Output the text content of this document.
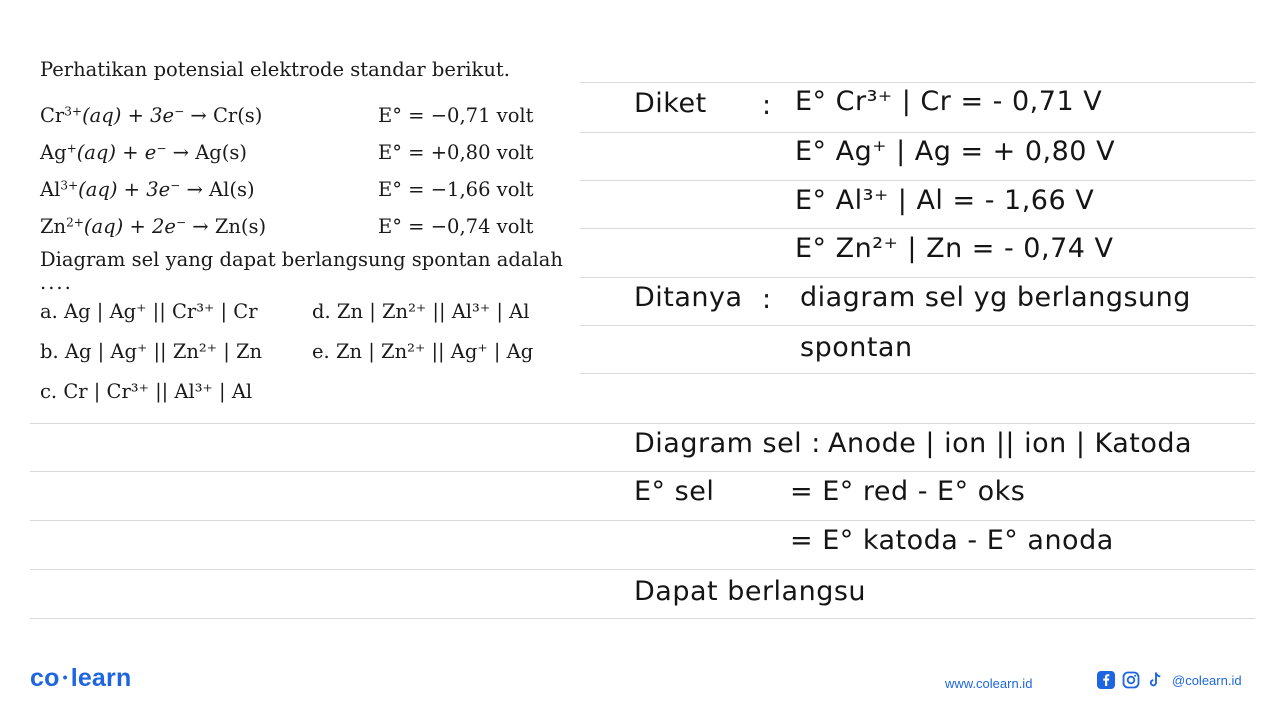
Perhatikan potensial elektrode standar berikut.

$Cr^{3+}(aq) + 3e^- \to Cr(s)$	E° = −0,71 volt
Ag+(aq) + e− → Ag(s)	E° = +0,80 volt
$Al^{3+}(aq) + 3e^- \to Al(s)$	E° = −1,66 volt
$Zn^{2+}(aq) + 2e^- \to Zn(s)$	E° = −0,74 volt
Diagram sel yang dapat berlangsung spontan adalah
....
a. Ag | Ag⁺ || Cr³⁺ | Cr
b. Ag | Ag⁺ || Zn²⁺ | Zn
c. Cr | Cr³⁺ || Al³⁺ | Al
d. Zn | Zn²⁺ || Al³⁺ | Al
e. Zn | Zn²⁺ || Ag⁺ | Ag
Diket : E° Cr³⁺ | Cr = - 0,71 V
E° Ag⁺ | Ag = + 0,80 V
E° Al³⁺ | Al = - 1,66 V
E° Zn²⁺ | Zn = - 0,74 V
Ditanya : diagram sel yg berlangsung
spontan
Diagram sel : Anode | ion || ion | Katoda
E° sel	= E° red - E° oks
= E° katoda - E° anoda
Dapat berlangsu
co • learn	www.colearn.id	@colearn.id
